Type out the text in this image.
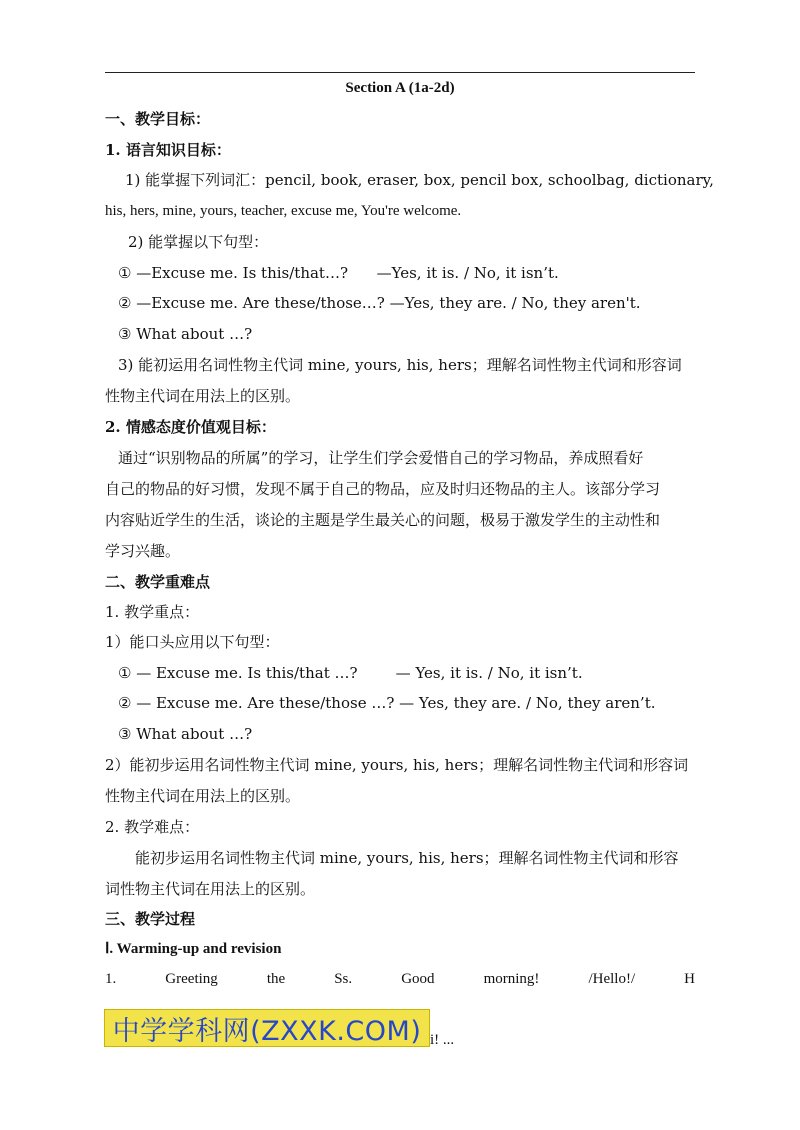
Section A (1a-2d)
一、教学目标：
1. 语言知识目标：
1) 能掌握下列词汇：pencil, book, eraser, box, pencil box, schoolbag, dictionary,
his, hers, mine, yours, teacher, excuse me, You're welcome.
2) 能掌握以下句型：
① —Excuse me. Is this/that…?      —Yes, it is. / No, it isn’t.
② —Excuse me. Are these/those…? —Yes, they are. / No, they aren't.
③ What about …?
3) 能初运用名词性物主代词 mine, yours, his, hers；理解名词性物主代词和形容词
性物主代词在用法上的区别。
2. 情感态度价值观目标：
通过“识别物品的所属”的学习，让学生们学会爱惜自己的学习物品，养成照看好
自己的物品的好习惯，发现不属于自己的物品，应及时归还物品的主人。该部分学习
内容贴近学生的生活，谈论的主题是学生最关心的问题，极易于激发学生的主动性和
学习兴趣。
二、教学重难点
1. 教学重点：
1）能口头应用以下句型：
① — Excuse me. Is this/that …?        — Yes, it is. / No, it isn’t.
② — Excuse me. Are these/those …? — Yes, they are. / No, they aren’t.
③ What about …?
2）能初步运用名词性物主代词 mine, yours, his, hers；理解名词性物主代词和形容词
性物主代词在用法上的区别。
2. 教学难点：
能初步运用名词性物主代词 mine, yours, his, hers；理解名词性物主代词和形容
词性物主代词在用法上的区别。
三、教学过程
Ⅰ. Warming-up and revision
1.	Greeting	the	Ss.	Good	morning!	/Hello!/	H
i! ...
中学学科网(ZXXK.COM)
